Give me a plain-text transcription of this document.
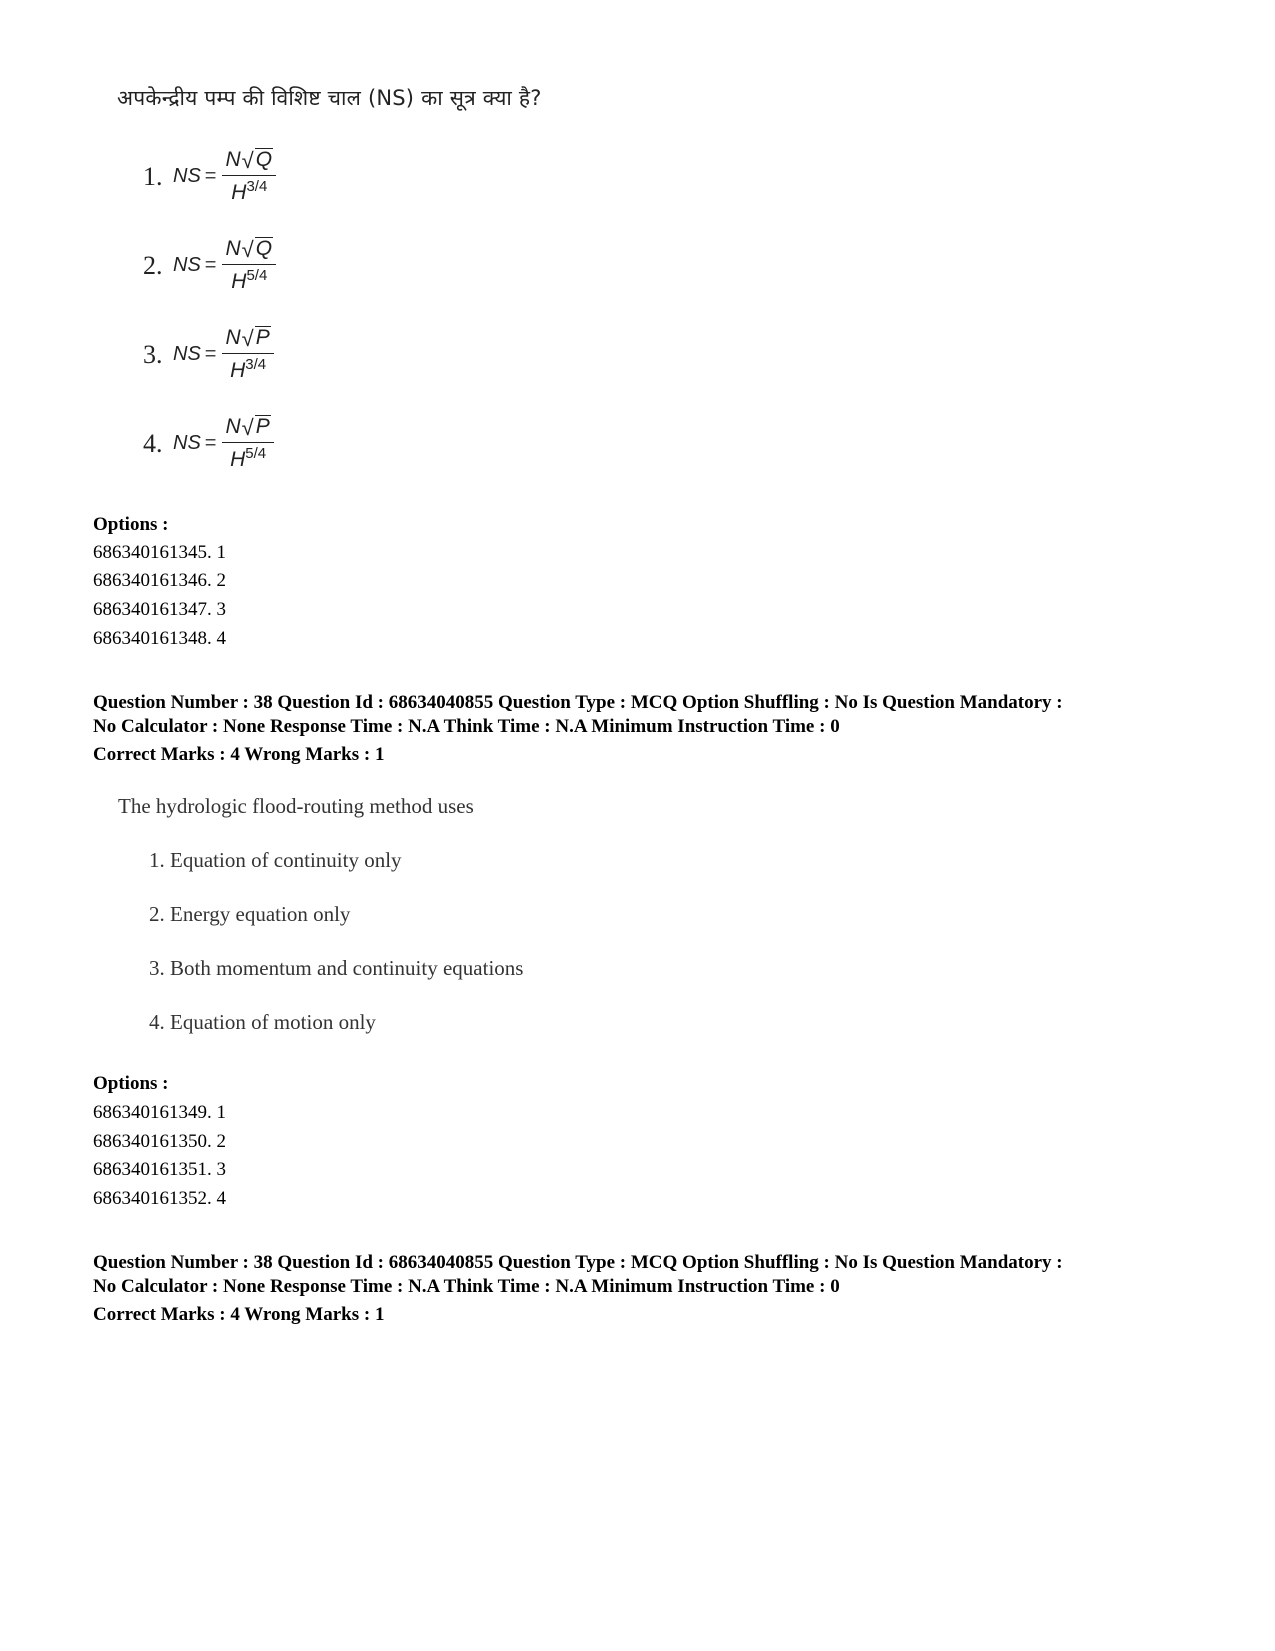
अपकेन्द्रीय पम्प की विशिष्ट चाल (NS) का सूत्र क्या है?
1. NS = $\frac{N √ Q}{H^{3/4}}$
2. NS = $\frac{N √ Q}{H^{5/4}}$
3. NS = $\frac{N √ P}{H^{3/4}}$
4. NS = $\frac{N √ P}{H^{5/4}}$
Options :
686340161345. 1
686340161346. 2
686340161347. 3
686340161348. 4
Question Number : 38 Question Id : 68634040855 Question Type : MCQ Option Shuffling : No Is Question Mandatory :
No Calculator : None Response Time : N.A Think Time : N.A Minimum Instruction Time : 0
Correct Marks : 4 Wrong Marks : 1
The hydrologic flood-routing method uses
1. Equation of continuity only
2. Energy equation only
3. Both momentum and continuity equations
4. Equation of motion only
Options :
686340161349. 1
686340161350. 2
686340161351. 3
686340161352. 4
Question Number : 38 Question Id : 68634040855 Question Type : MCQ Option Shuffling : No Is Question Mandatory :
No Calculator : None Response Time : N.A Think Time : N.A Minimum Instruction Time : 0
Correct Marks : 4 Wrong Marks : 1
